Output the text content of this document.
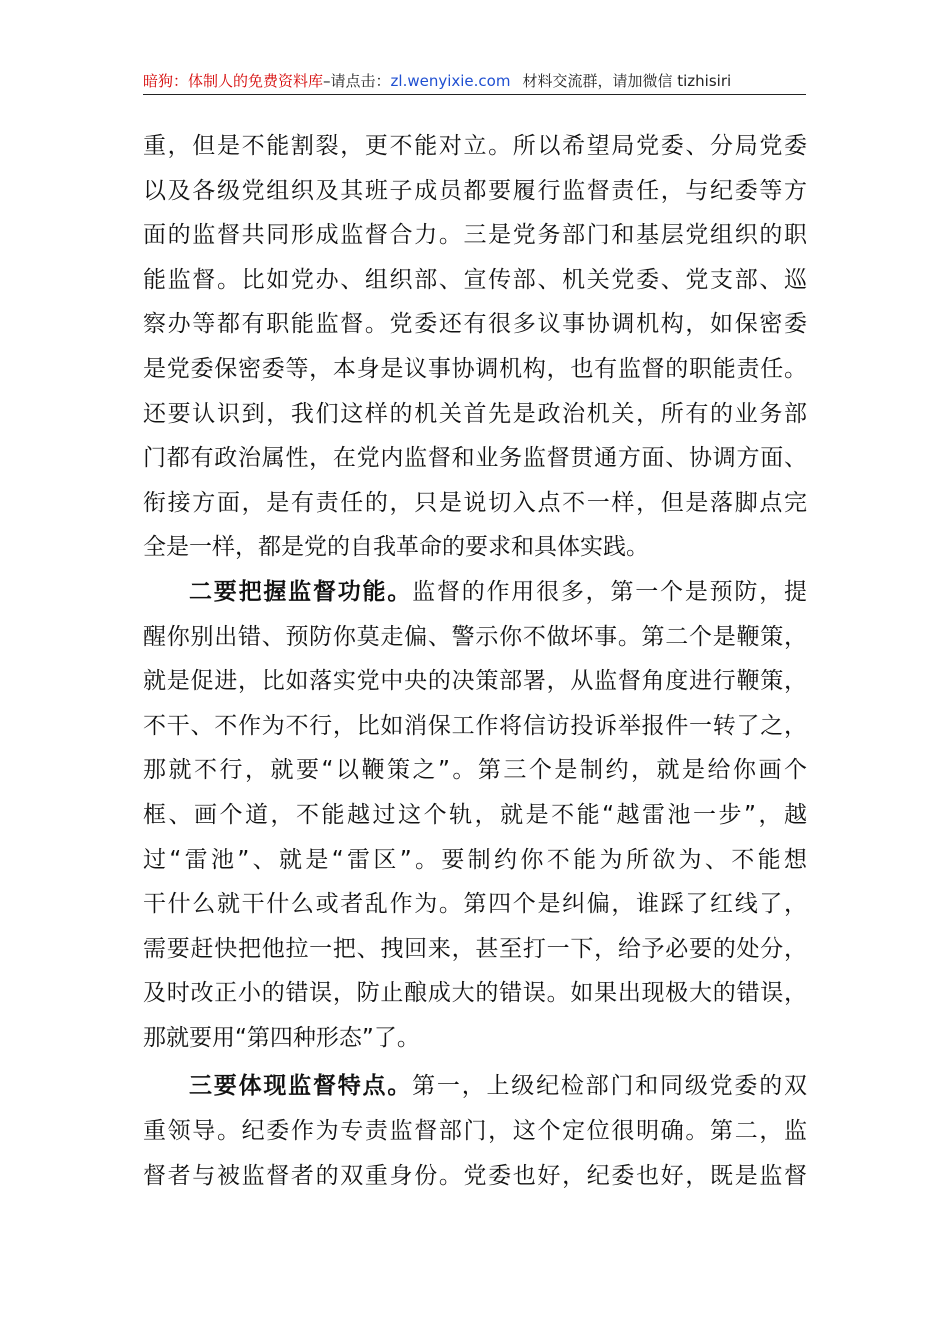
暗狗：体制人的免费资料库–请点击：zl.wenyixie.com 材料交流群，请加微信 tizhisiri
重，但是不能割裂，更不能对立。所以希望局党委、分局党委
以及各级党组织及其班子成员都要履行监督责任，与纪委等方
面的监督共同形成监督合力。三是党务部门和基层党组织的职
能监督。比如党办、组织部、宣传部、机关党委、党支部、巡
察办等都有职能监督。党委还有很多议事协调机构，如保密委
是党委保密委等，本身是议事协调机构，也有监督的职能责任。
还要认识到，我们这样的机关首先是政治机关，所有的业务部
门都有政治属性，在党内监督和业务监督贯通方面、协调方面、
衔接方面，是有责任的，只是说切入点不一样，但是落脚点完
全是一样，都是党的自我革命的要求和具体实践。
二要把握监督功能。监督的作用很多，第一个是预防，提
醒你别出错、预防你莫走偏、警示你不做坏事。第二个是鞭策，
就是促进，比如落实党中央的决策部署，从监督角度进行鞭策，
不干、不作为不行，比如消保工作将信访投诉举报件一转了之，
那就不行，就要“以鞭策之”。第三个是制约，就是给你画个
框、画个道，不能越过这个轨，就是不能“越雷池一步”，越
过“雷池”、就是“雷区”。要制约你不能为所欲为、不能想
干什么就干什么或者乱作为。第四个是纠偏，谁踩了红线了，
需要赶快把他拉一把、拽回来，甚至打一下，给予必要的处分，
及时改正小的错误，防止酿成大的错误。如果出现极大的错误，
那就要用“第四种形态”了。
三要体现监督特点。第一，上级纪检部门和同级党委的双
重领导。纪委作为专责监督部门，这个定位很明确。第二，监
督者与被监督者的双重身份。党委也好，纪委也好，既是监督
